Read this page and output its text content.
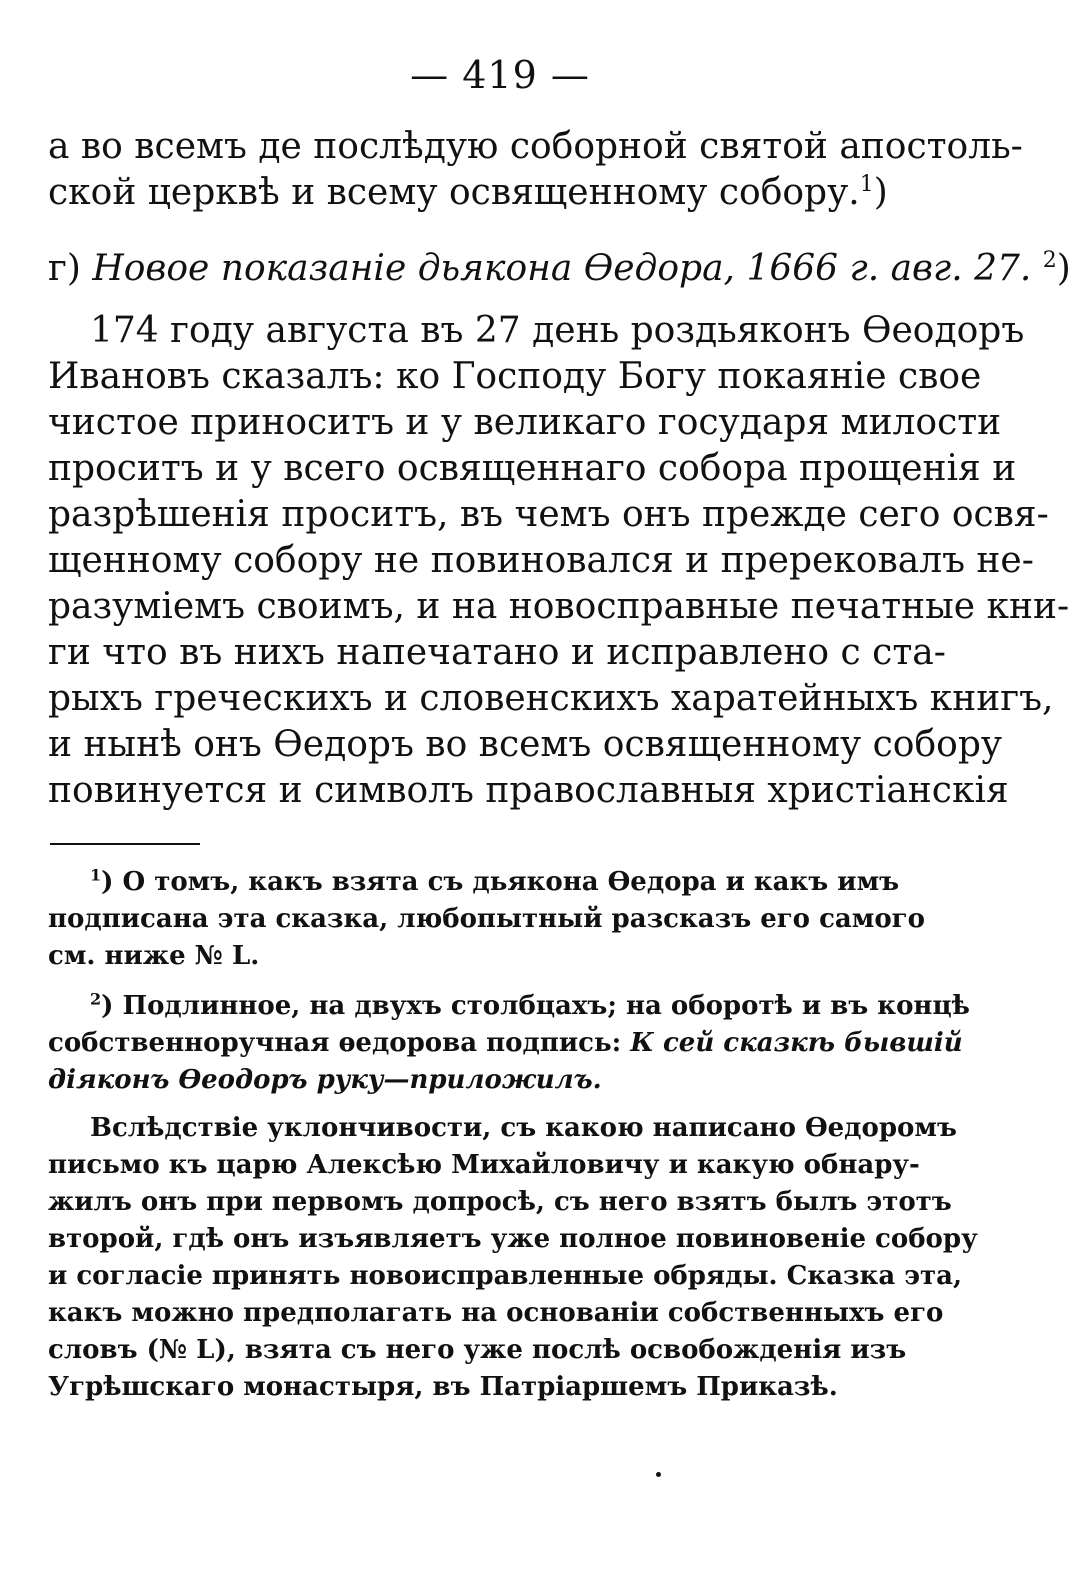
— 419 —
а во всемъ де послѣдую соборной святой апостоль-
ской церквѣ и всему освященному собору.$^1$)
г) Новое показаніе дьякона Ѳедора, 1666 г. авг. 27. $^2$)
174 году августа въ 27 день роздьяконъ Ѳеодоръ
Ивановъ сказалъ: ко Господу Богу покаяніе свое
чистое приноситъ и у великаго государя милости
проситъ и у всего освященнаго собора прощенія и
разрѣшенія проситъ, въ чемъ онъ прежде сего освя-
щенному собору не повиновался и пререковалъ не-
разуміемъ своимъ, и на новосправные печатные кни-
ги что въ нихъ напечатано и исправлено с ста-
рыхъ греческихъ и словенскихъ харатейныхъ книгъ,
и нынѣ онъ Ѳедоръ во всемъ освященному собору
повинуется и символъ православныя христіанскія
$^1$) О томъ, какъ взята съ дьякона Ѳедора и какъ имъ
подписана эта сказка, любопытный разсказъ его самого
см. ниже № L.
$^2$) Подлинное, на двухъ столбцахъ; на оборотѣ и въ концѣ
собственноручная ѳедорова подпись: К сей сказкѣ бывшій
діяконъ Ѳеодоръ руку—приложилъ.
Вслѣдствіе уклончивости, съ какою написано Ѳедоромъ
письмо къ царю Алексѣю Михайловичу и какую обнару-
жилъ онъ при первомъ допросѣ, съ него взятъ былъ этотъ
второй, гдѣ онъ изъявляетъ уже полное повиновеніе собору
и согласіе принять новоисправленные обряды. Сказка эта,
какъ можно предполагать на основаніи собственныхъ его
словъ (№ L), взята съ него уже послѣ освобожденія изъ
Угрѣшскаго монастыря, въ Патріаршемъ Приказѣ.
